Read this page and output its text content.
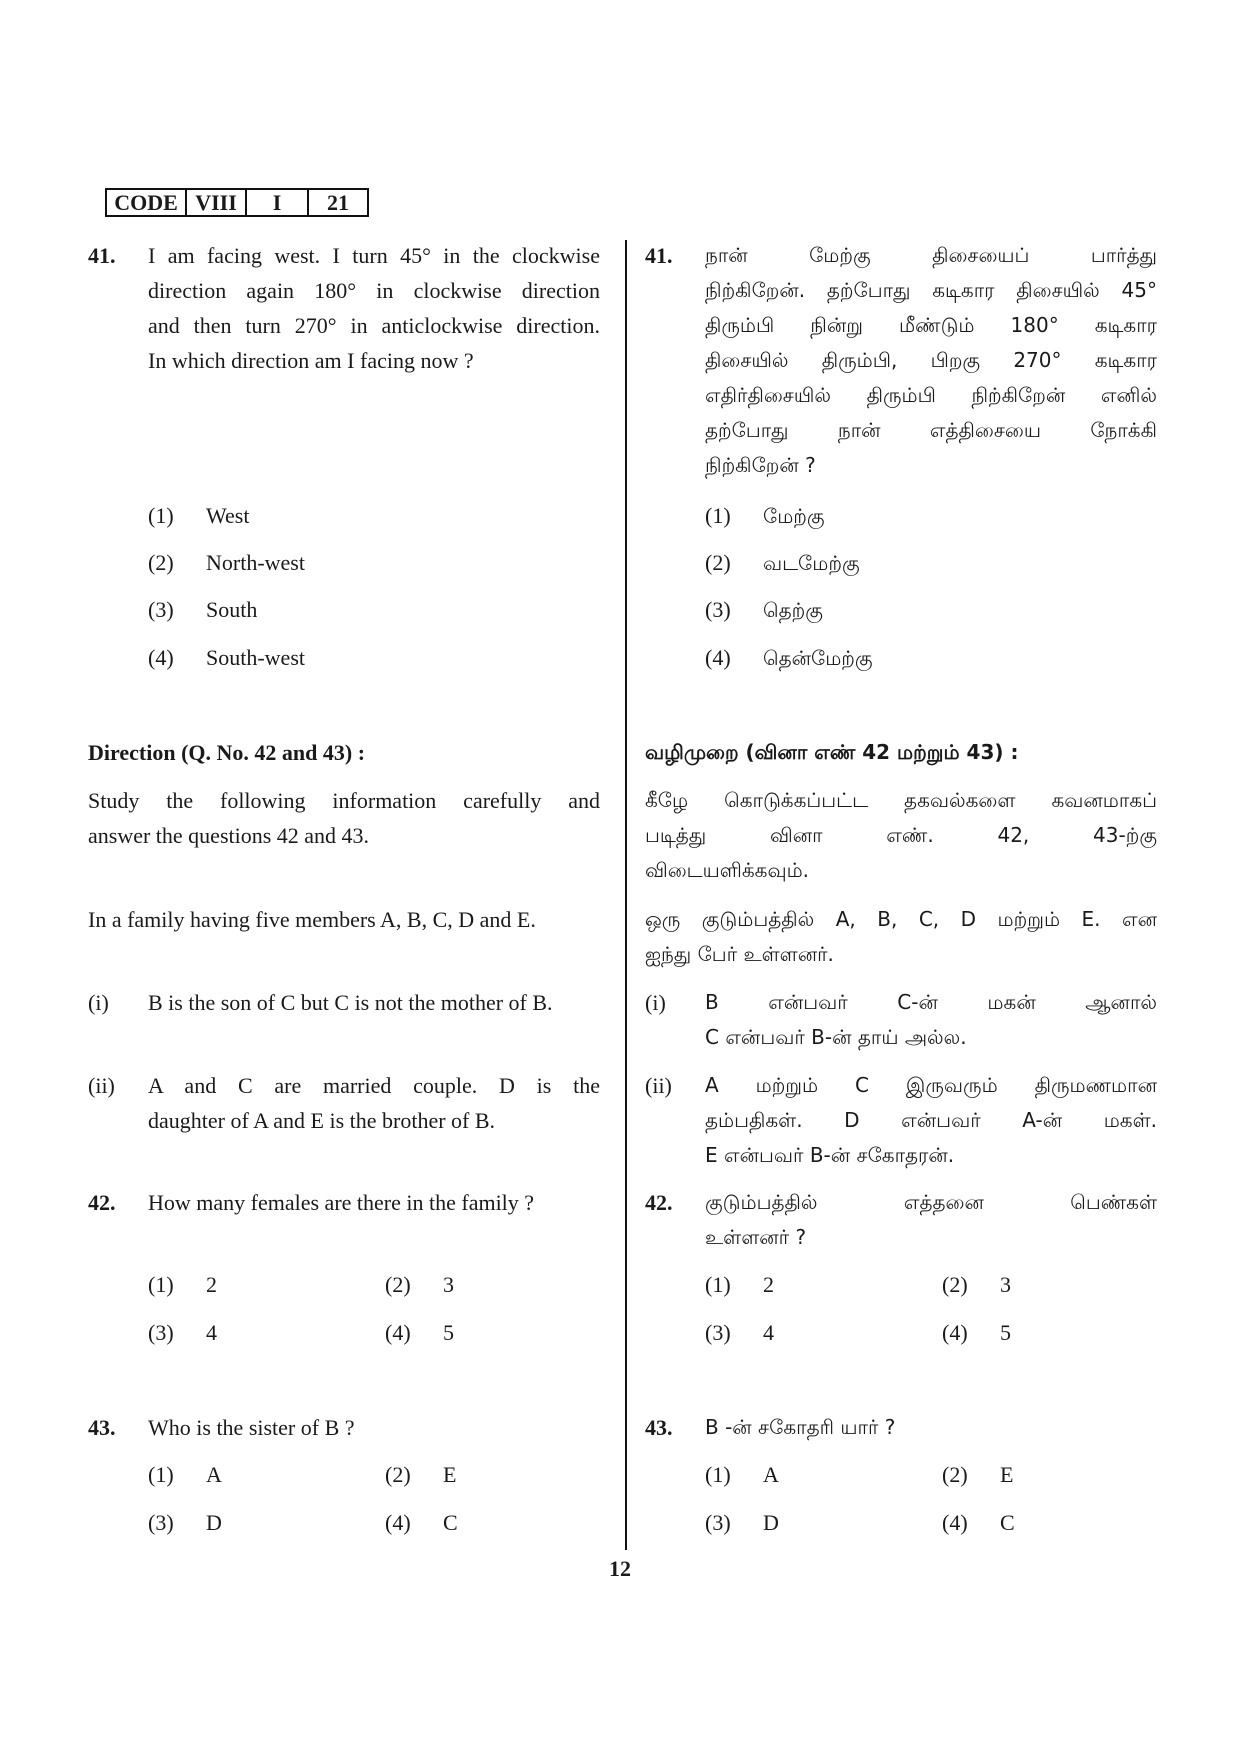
CODE VIII	I	21
41. I am facing west. I turn 45° in the clockwise
direction again 180° in clockwise direction
and then turn 270° in anticlockwise direction.
In which direction am I facing now ?
(1) West
(2) North-west
(3) South
(4) South-west
Direction (Q. No. 42 and 43) :
Study the following information carefully and
answer the questions 42 and 43.
In a family having five members A, B, C, D and E.
(i) B is the son of C but C is not the mother of B.
(ii) A and C are married couple. D is the
daughter of A and E is the brother of B.
42. How many females are there in the family ?
(1) 2	(2) 3
(3) 4	(4) 5
43. Who is the sister of B ?
(1) A	(2) E
(3) D	(4) C
41. நான் மேற்கு திசையைப் பார்த்து
நிற்கிறேன். தற்போது கடிகார திசையில் 45°
திரும்பி நின்று மீண்டும் 180° கடிகார
திசையில் திரும்பி, பிறகு 270° கடிகார
எதிர்திசையில் திரும்பி நிற்கிறேன் எனில்
தற்போது நான் எத்திசையை நோக்கி
நிற்கிறேன் ?
(1) மேற்கு
(2) வடமேற்கு
(3) தெற்கு
(4) தென்மேற்கு
வழிமுறை (வினா எண் 42 மற்றும் 43) :
கீழே கொடுக்கப்பட்ட தகவல்களை கவனமாகப்
படித்து வினா எண். 42, 43-ற்கு
விடையளிக்கவும்.
ஒரு குடும்பத்தில் A, B, C, D மற்றும் E. என
ஐந்து பேர் உள்ளனர்.
(i) B என்பவர் C-ன் மகன் ஆனால்
C என்பவர் B-ன் தாய் அல்ல.
(ii) A மற்றும் C இருவரும் திருமணமான
தம்பதிகள். D என்பவர் A-ன் மகள்.
E என்பவர் B-ன் சகோதரன்.
42. குடும்பத்தில் எத்தனை பெண்கள்
உள்ளனர் ?
(1) 2	(2) 3
(3) 4	(4) 5
43. B -ன் சகோதரி யார் ?
(1) A	(2) E
(3) D	(4) C
12
